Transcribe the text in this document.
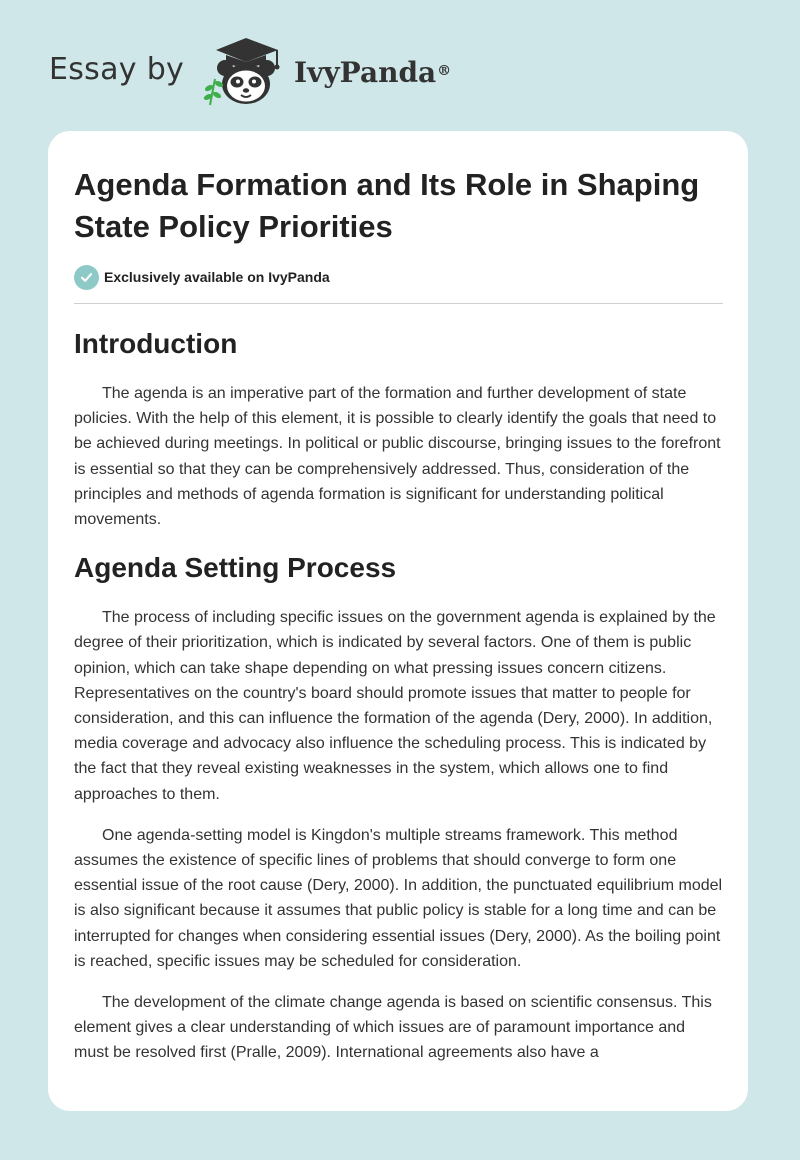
Essay by	IvyPanda®
Agenda Formation and Its Role in Shaping State Policy Priorities
Exclusively available on IvyPanda
Introduction

The agenda is an imperative part of the formation and further development of state policies. With the help of this element, it is possible to clearly identify the goals that need to be achieved during meetings. In political or public discourse, bringing issues to the forefront is essential so that they can be comprehensively addressed. Thus, consideration of the principles and methods of agenda formation is significant for understanding political movements.

Agenda Setting Process

The process of including specific issues on the government agenda is explained by the degree of their prioritization, which is indicated by several factors. One of them is public opinion, which can take shape depending on what pressing issues concern citizens. Representatives on the country's board should promote issues that matter to people for consideration, and this can influence the formation of the agenda (Dery, 2000). In addition, media coverage and advocacy also influence the scheduling process. This is indicated by the fact that they reveal existing weaknesses in the system, which allows one to find approaches to them.

One agenda-setting model is Kingdon's multiple streams framework. This method assumes the existence of specific lines of problems that should converge to form one essential issue of the root cause (Dery, 2000). In addition, the punctuated equilibrium model is also significant because it assumes that public policy is stable for a long time and can be interrupted for changes when considering essential issues (Dery, 2000). As the boiling point is reached, specific issues may be scheduled for consideration.

The development of the climate change agenda is based on scientific consensus. This element gives a clear understanding of which issues are of paramount importance and must be resolved first (Pralle, 2009). International agreements also have a
